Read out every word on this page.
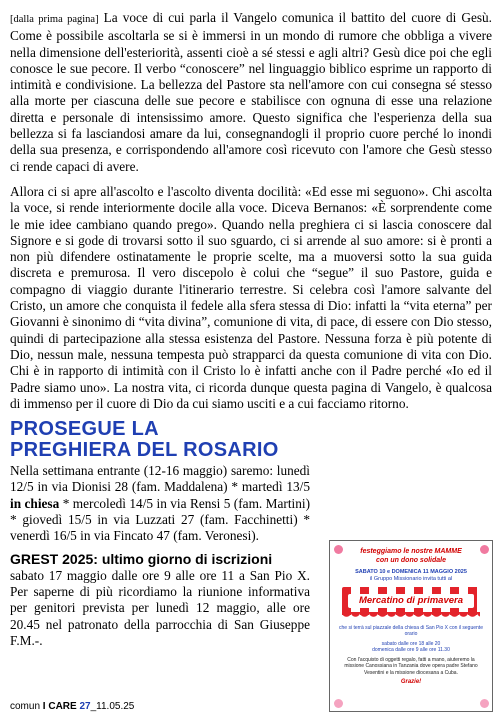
[dalla prima pagina] La voce di cui parla il Vangelo comunica il battito del cuore di Gesù. Come è possibile ascoltarla se si è immersi in un mondo di rumore che obbliga a vivere nella dimensione dell'esteriorità, assenti cioè a sé stessi e agli altri? Gesù dice poi che egli conosce le sue pecore. Il verbo “conoscere” nel linguaggio biblico esprime un rapporto di intimità e condivisione. La bellezza del Pastore sta nell'amore con cui consegna sé stesso alla morte per ciascuna delle sue pecore e stabilisce con ognuna di esse una relazione diretta e personale di intensissimo amore. Questo significa che l'esperienza della sua bellezza si fa lasciandosi amare da lui, consegnandogli il proprio cuore perché lo inondi della sua presenza, e corrispondendo all'amore così ricevuto con l'amore che Gesù stesso ci rende capaci di avere.

Allora ci si apre all'ascolto e l'ascolto diventa docilità: «Ed esse mi seguono». Chi ascolta la voce, si rende interiormente docile alla voce. Diceva Bernanos: «È sorprendente come le mie idee cambiano quando prego». Quando nella preghiera ci si lascia conoscere dal Signore e si gode di trovarsi sotto il suo sguardo, ci si arrende al suo amore: si è pronti a non più difendere ostinatamente le proprie scelte, ma a muoversi sotto la sua guida discreta e premurosa. Il vero discepolo è colui che “segue” il suo Pastore, guida e compagno di viaggio durante l'itinerario terrestre. Si celebra così l'amore salvante del Cristo, un amore che conquista il fedele alla sfera stessa di Dio: infatti la “vita eterna” per Giovanni è sinonimo di “vita divina”, comunione di vita, di pace, di essere con Dio stesso, quindi di partecipazione alla stessa esistenza del Pastore. Nessuna forza è più potente di Dio, nessun male, nessuna tempesta può strapparci da questa comunione di vita con Dio. Chi è in rapporto di intimità con il Cristo lo è infatti anche con il Padre perché «Io ed il Padre siamo uno». La nostra vita, ci ricorda dunque questa pagina di Vangelo, è qualcosa di immenso per il cuore di Dio da cui siamo usciti e a cui facciamo ritorno.

PROSEGUE LA
PREGHIERA DEL ROSARIO

Nella settimana entrante (12-16 maggio) saremo: lunedì 12/5 in via Dionisi 28 (fam. Maddalena) * martedì 13/5 in chiesa * mercoledì 14/5 in via Rensi 5 (fam. Martini) * giovedì 15/5 in via Luzzati 27 (fam. Facchinetti) * venerdì 16/5 in via Fincato 47 (fam. Veronesi).

GREST 2025: ultimo giorno di iscrizioni

sabato 17 maggio dalle ore 9 alle ore 11 a San Pio X. Per saperne di più ricordiamo la riunione informativa per genitori prevista per lunedì 12 maggio, alle ore 20.45 nel patronato della parrocchia di San Giuseppe F.M.-.

festeggiamo le nostre MAMME
con un dono solidale
SABATO 10 e DOMENICA 11 MAGGIO 2025
il Gruppo Missionario invita tutti al
Mercatino di primavera
che si terrà sul piazzale della chiesa di San Pio X con il seguente orario
sabato dalle ore 18 alle 20
domenica dalle ore 9 alle ore 11.30
Con l'acquisto di oggetti regalo, fatti a mano, aiuteremo la missione Canossiana in Tanzania dove opera padre Stefano Vesentini e la missione diocesana a Cuba.
Grazie!
comun I CARE 27_11.05.25
